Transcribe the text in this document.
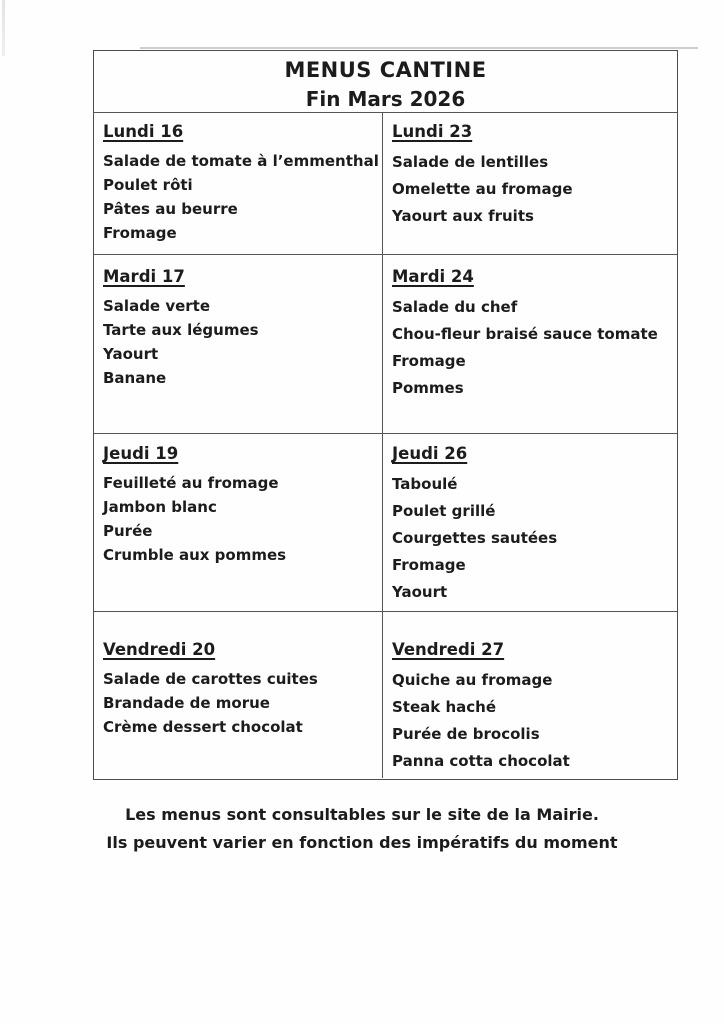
MENUS CANTINE
Fin Mars 2026
Lundi 16
Salade de tomate à l’emmenthal
Poulet rôti
Pâtes au beurre
Fromage
Lundi 23
Salade de lentilles
Omelette au fromage
Yaourt aux fruits
Mardi 17
Salade verte
Tarte aux légumes
Yaourt
Banane
Mardi 24
Salade du chef
Chou-fleur braisé sauce tomate
Fromage
Pommes
Jeudi 19
Feuilleté au fromage
Jambon blanc
Purée
Crumble aux pommes
Jeudi 26
Taboulé
Poulet grillé
Courgettes sautées
Fromage
Yaourt
Vendredi 20
Salade de carottes cuites
Brandade de morue
Crème dessert chocolat
Vendredi 27
Quiche au fromage
Steak haché
Purée de brocolis
Panna cotta chocolat
Les menus sont consultables sur le site de la Mairie.
Ils peuvent varier en fonction des impératifs du moment
